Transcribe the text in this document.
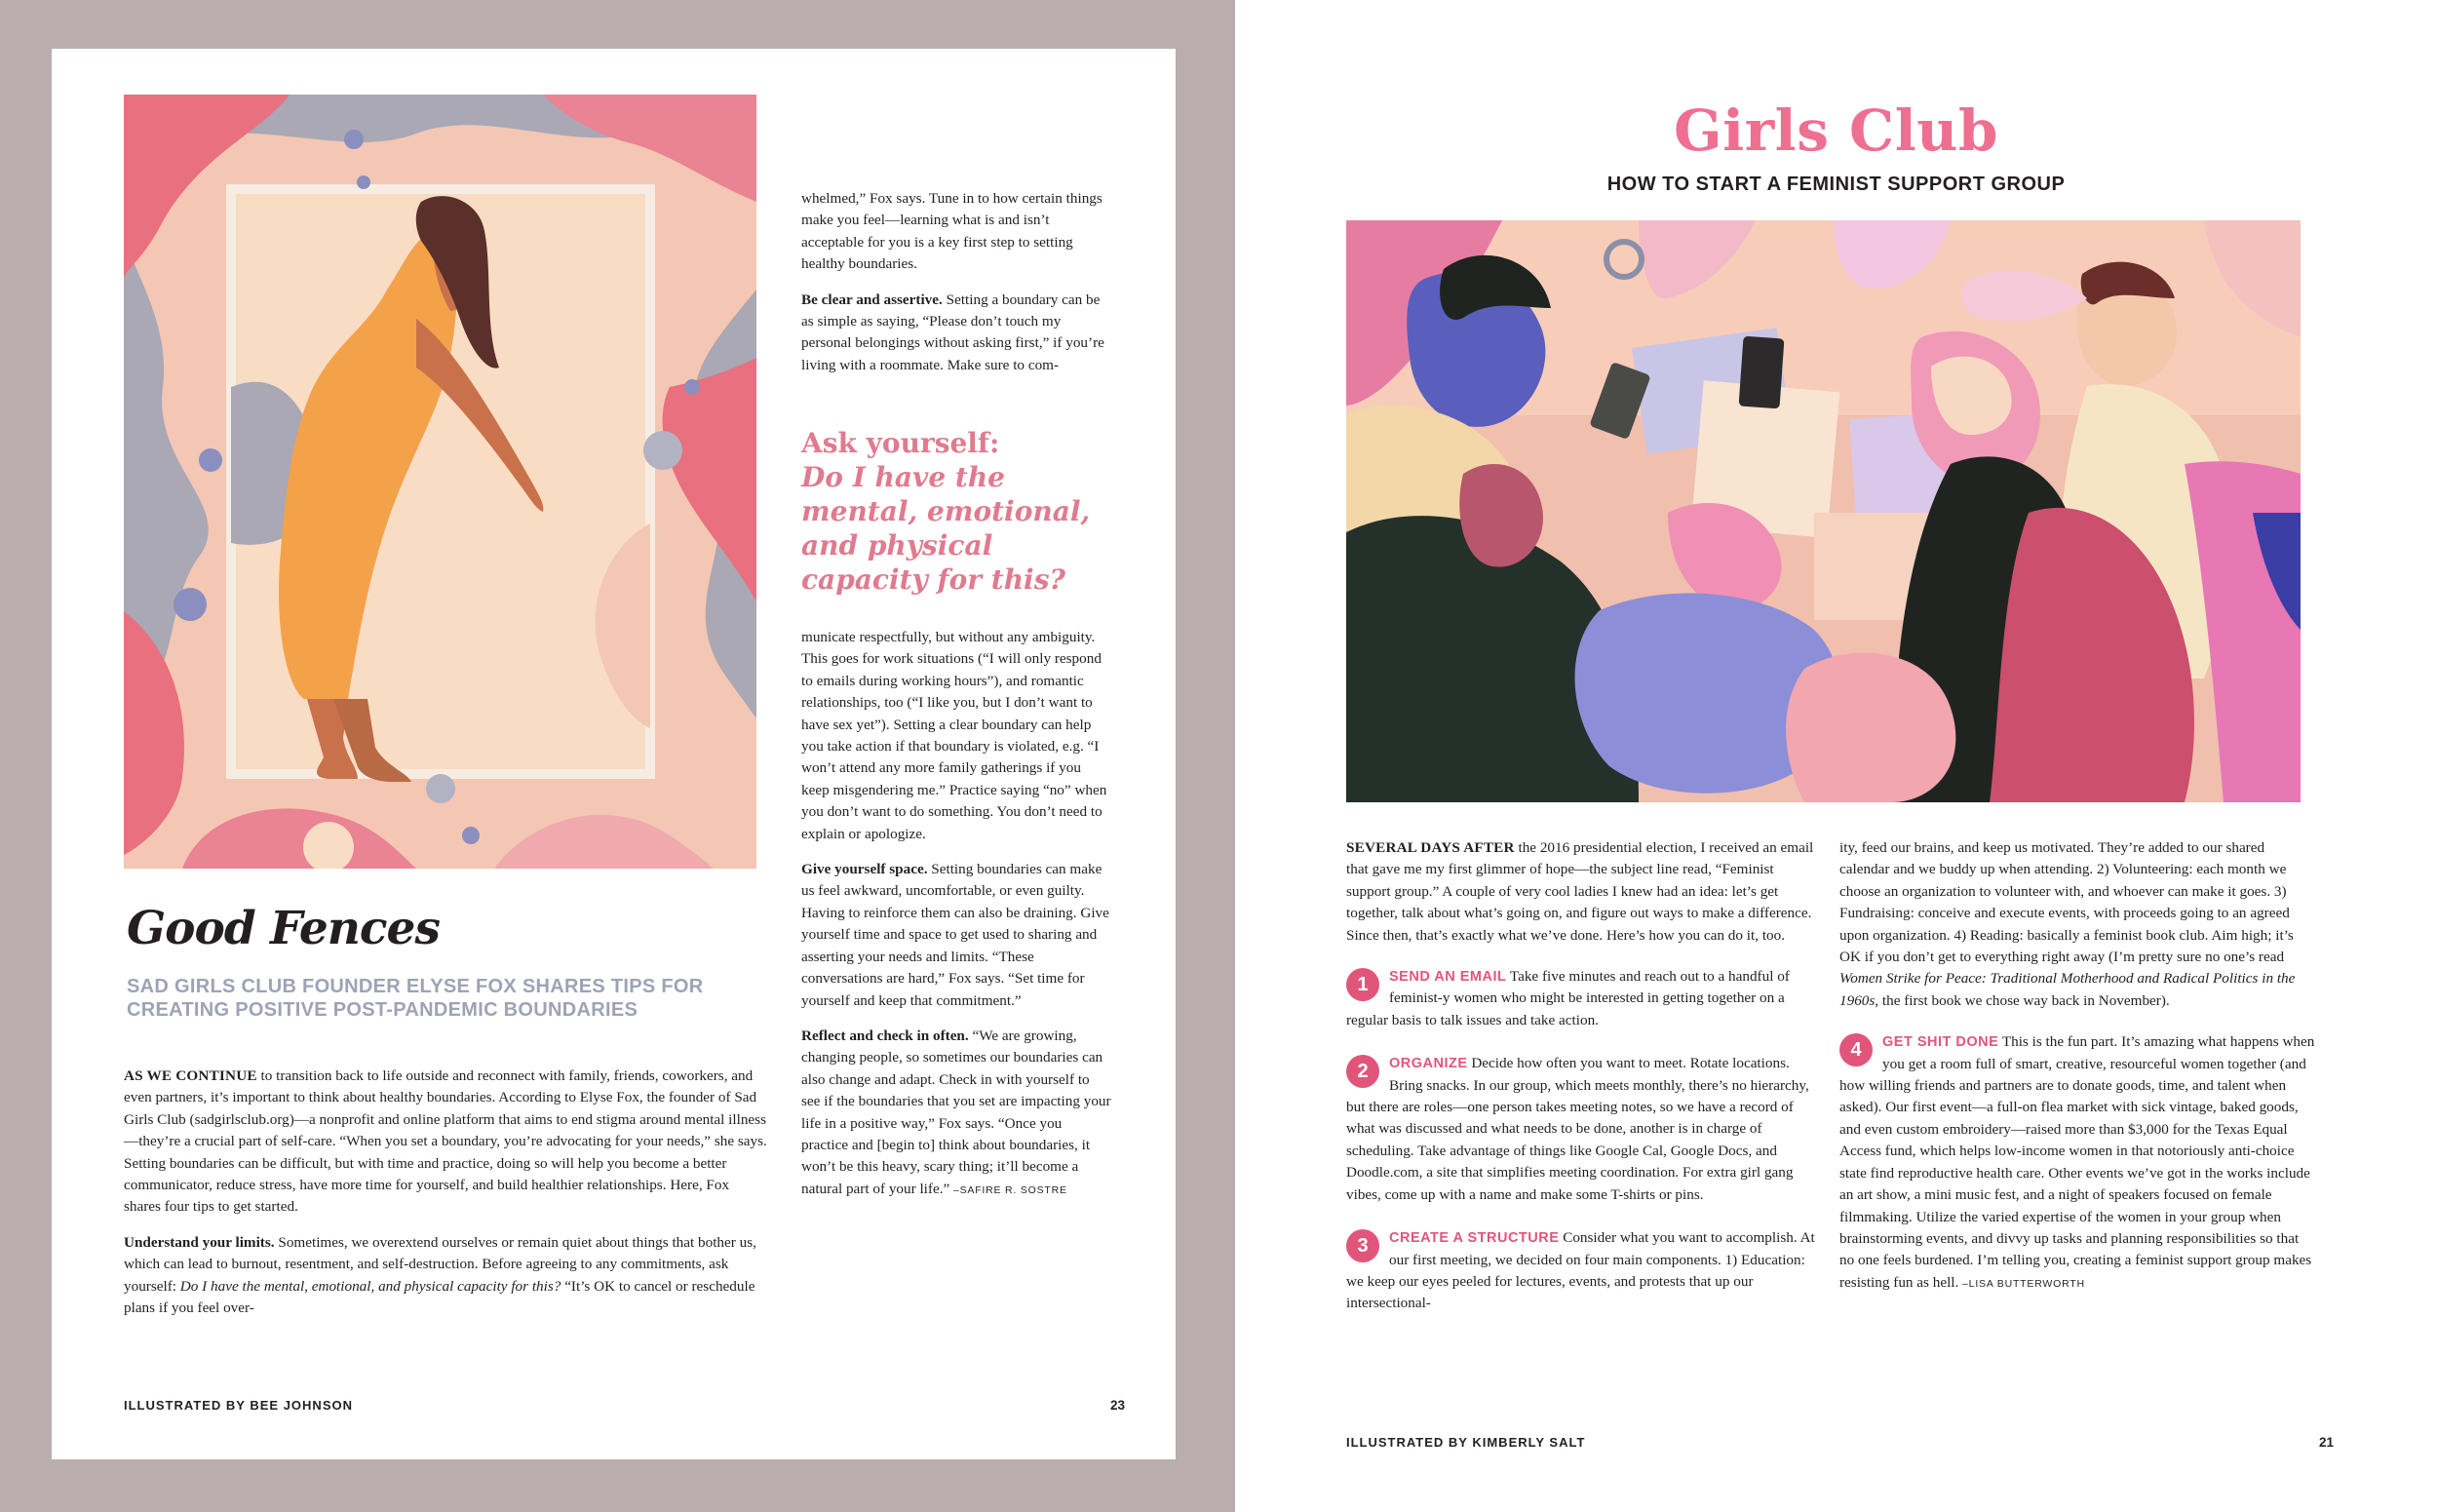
Good Fences
SAD GIRLS CLUB FOUNDER ELYSE FOX SHARES TIPS FOR CREATING POSITIVE POST-PANDEMIC BOUNDARIES

AS WE CONTINUE to transition back to life outside and reconnect with family, friends, coworkers, and even partners, it’s important to think about healthy boundaries. According to Elyse Fox, the founder of Sad Girls Club (sadgirlsclub.org)—a nonprofit and online platform that aims to end stigma around mental illness—they’re a crucial part of self-care. “When you set a boundary, you’re advocating for your needs,” she says. Setting boundaries can be difficult, but with time and practice, doing so will help you become a better communicator, reduce stress, have more time for yourself, and build healthier relationships. Here, Fox shares four tips to get started.

Understand your limits. Sometimes, we overextend ourselves or remain quiet about things that bother us, which can lead to burnout, resentment, and self-destruction. Before agreeing to any commitments, ask yourself: Do I have the mental, emotional, and physical capacity for this? “It’s OK to cancel or reschedule plans if you feel over-

whelmed,” Fox says. Tune in to how certain things make you feel—learning what is and isn’t acceptable for you is a key first step to setting healthy boundaries.

Be clear and assertive. Setting a boundary can be as simple as saying, “Please don’t touch my personal belongings without asking first,” if you’re living with a roommate. Make sure to com-

Ask yourself:
Do I have the mental, emotional, and physical capacity for this?

municate respectfully, but without any ambiguity. This goes for work situations (“I will only respond to emails during working hours”), and romantic relationships, too (“I like you, but I don’t want to have sex yet”). Setting a clear boundary can help you take action if that boundary is violated, e.g. “I won’t attend any more family gatherings if you keep misgendering me.” Practice saying “no” when you don’t want to do something. You don’t need to explain or apologize.

Give yourself space. Setting boundaries can make us feel awkward, uncomfortable, or even guilty. Having to reinforce them can also be draining. Give yourself time and space to get used to sharing and asserting your needs and limits. “These conversations are hard,” Fox says. “Set time for yourself and keep that commitment.”

Reflect and check in often. “We are growing, changing people, so sometimes our boundaries can also change and adapt. Check in with yourself to see if the boundaries that you set are impacting your life in a positive way,” Fox says. “Once you practice and [begin to] think about boundaries, it won’t be this heavy, scary thing; it’ll become a natural part of your life.” –SAFIRE R. SOSTRE

ILLUSTRATED BY BEE JOHNSON	23
Girls Club
HOW TO START A FEMINIST SUPPORT GROUP

SEVERAL DAYS AFTER the 2016 presidential election, I received an email that gave me my first glimmer of hope—the subject line read, “Feminist support group.” A couple of very cool ladies I knew had an idea: let’s get together, talk about what’s going on, and figure out ways to make a difference. Since then, that’s exactly what we’ve done. Here’s how you can do it, too.

1	SEND AN EMAIL Take five minutes and reach out to a handful of feminist-y women who might be interested in getting together on a regular basis to talk issues and take action.

2	ORGANIZE Decide how often you want to meet. Rotate locations. Bring snacks. In our group, which meets monthly, there’s no hierarchy, but there are roles—one person takes meeting notes, so we have a record of what was discussed and what needs to be done, another is in charge of scheduling. Take advantage of things like Google Cal, Google Docs, and Doodle.com, a site that simplifies meeting coordination. For extra girl gang vibes, come up with a name and make some T-shirts or pins.

3	CREATE A STRUCTURE Consider what you want to accomplish. At our first meeting, we decided on four main components. 1) Education: we keep our eyes peeled for lectures, events, and protests that up our intersectional-

ity, feed our brains, and keep us motivated. They’re added to our shared calendar and we buddy up when attending. 2) Volunteering: each month we choose an organization to volunteer with, and whoever can make it goes. 3) Fundraising: conceive and execute events, with proceeds going to an agreed upon organization. 4) Reading: basically a feminist book club. Aim high; it’s OK if you don’t get to everything right away (I’m pretty sure no one’s read Women Strike for Peace: Traditional Motherhood and Radical Politics in the 1960s, the first book we chose way back in November).

4	GET SHIT DONE This is the fun part. It’s amazing what happens when you get a room full of smart, creative, resourceful women together (and how willing friends and partners are to donate goods, time, and talent when asked). Our first event—a full-on flea market with sick vintage, baked goods, and even custom embroidery—raised more than $3,000 for the Texas Equal Access fund, which helps low-income women in that notoriously anti-choice state find reproductive health care. Other events we’ve got in the works include an art show, a mini music fest, and a night of speakers focused on female filmmaking. Utilize the varied expertise of the women in your group when brainstorming events, and divvy up tasks and planning responsibilities so that no one feels burdened. I’m telling you, creating a feminist support group makes resisting fun as hell. –LISA BUTTERWORTH

ILLUSTRATED BY KIMBERLY SALT	21
